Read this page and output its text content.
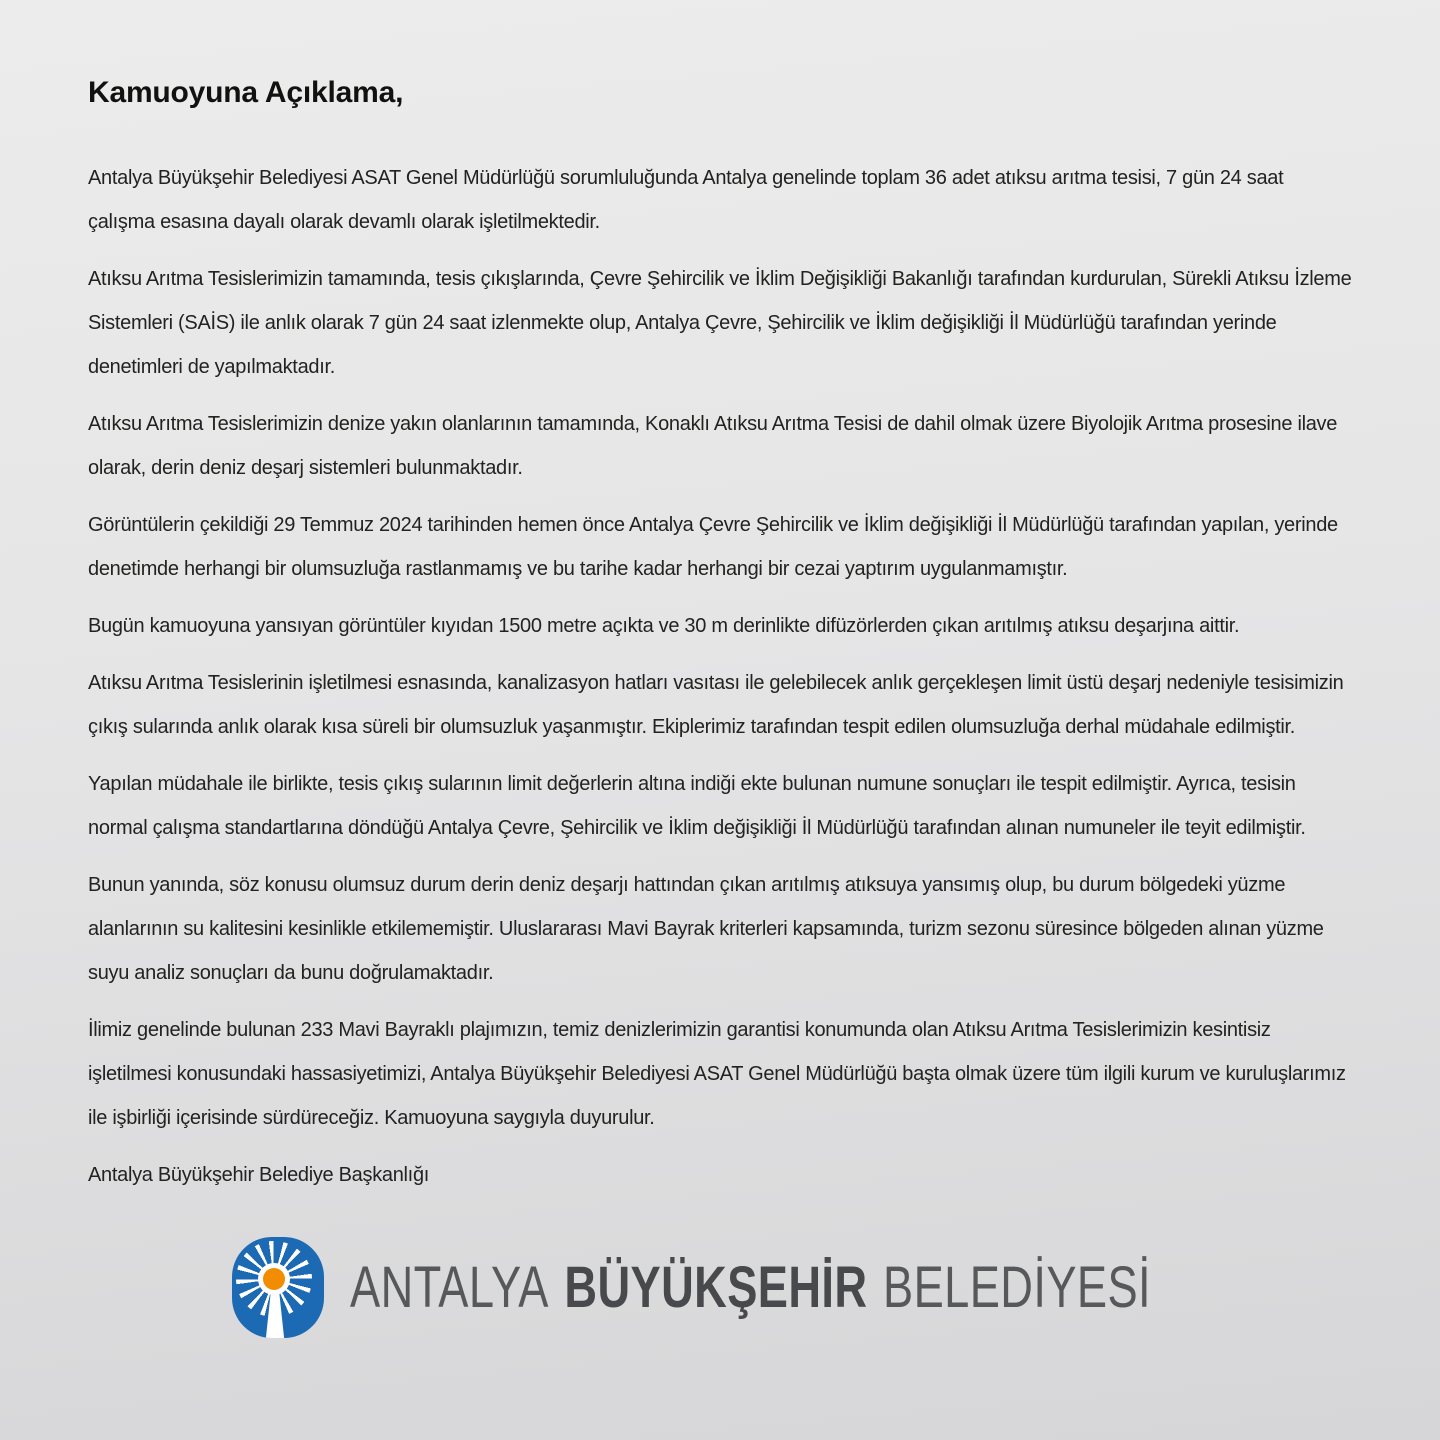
Kamuoyuna Açıklama,

Antalya Büyükşehir Belediyesi ASAT Genel Müdürlüğü sorumluluğunda Antalya genelinde toplam 36 adet atıksu arıtma tesisi, 7 gün 24 saat çalışma esasına dayalı olarak devamlı olarak işletilmektedir.

Atıksu Arıtma Tesislerimizin tamamında, tesis çıkışlarında, Çevre Şehircilik ve İklim Değişikliği Bakanlığı tarafından kurdurulan, Sürekli Atıksu İzleme Sistemleri (SAİS) ile anlık olarak 7 gün 24 saat izlenmekte olup, Antalya Çevre, Şehircilik ve İklim değişikliği İl Müdürlüğü tarafından yerinde denetimleri de yapılmaktadır.

Atıksu Arıtma Tesislerimizin denize yakın olanlarının tamamında, Konaklı Atıksu Arıtma Tesisi de dahil olmak üzere Biyolojik Arıtma prosesine ilave olarak, derin deniz deşarj sistemleri bulunmaktadır.

Görüntülerin çekildiği 29 Temmuz 2024 tarihinden hemen önce Antalya Çevre Şehircilik ve İklim değişikliği İl Müdürlüğü tarafından yapılan, yerinde denetimde herhangi bir olumsuzluğa rastlanmamış ve bu tarihe kadar herhangi bir cezai yaptırım uygulanmamıştır.

Bugün kamuoyuna yansıyan görüntüler kıyıdan 1500 metre açıkta ve 30 m derinlikte difüzörlerden çıkan arıtılmış atıksu deşarjına aittir.

Atıksu Arıtma Tesislerinin işletilmesi esnasında, kanalizasyon hatları vasıtası ile gelebilecek anlık gerçekleşen limit üstü deşarj nedeniyle tesisimizin çıkış sularında anlık olarak kısa süreli bir olumsuzluk yaşanmıştır. Ekiplerimiz tarafından tespit edilen olumsuzluğa derhal müdahale edilmiştir.

Yapılan müdahale ile birlikte, tesis çıkış sularının limit değerlerin altına indiği ekte bulunan numune sonuçları ile tespit edilmiştir. Ayrıca, tesisin normal çalışma standartlarına döndüğü Antalya Çevre, Şehircilik ve İklim değişikliği İl Müdürlüğü tarafından alınan numuneler ile teyit edilmiştir.

Bunun yanında, söz konusu olumsuz durum derin deniz deşarjı hattından çıkan arıtılmış atıksuya yansımış olup, bu durum bölgedeki yüzme alanlarının su kalitesini kesinlikle etkilememiştir. Uluslararası Mavi Bayrak kriterleri kapsamında, turizm sezonu süresince bölgeden alınan yüzme suyu analiz sonuçları da bunu doğrulamaktadır.

İlimiz genelinde bulunan 233 Mavi Bayraklı plajımızın, temiz denizlerimizin garantisi konumunda olan Atıksu Arıtma Tesislerimizin kesintisiz işletilmesi konusundaki hassasiyetimizi, Antalya Büyükşehir Belediyesi ASAT Genel Müdürlüğü başta olmak üzere tüm ilgili kurum ve kuruluşlarımız ile işbirliği içerisinde sürdüreceğiz. Kamuoyuna saygıyla duyurulur.

Antalya Büyükşehir Belediye Başkanlığı

ANTALYA BÜYÜKŞEHİR BELEDİYESİ
